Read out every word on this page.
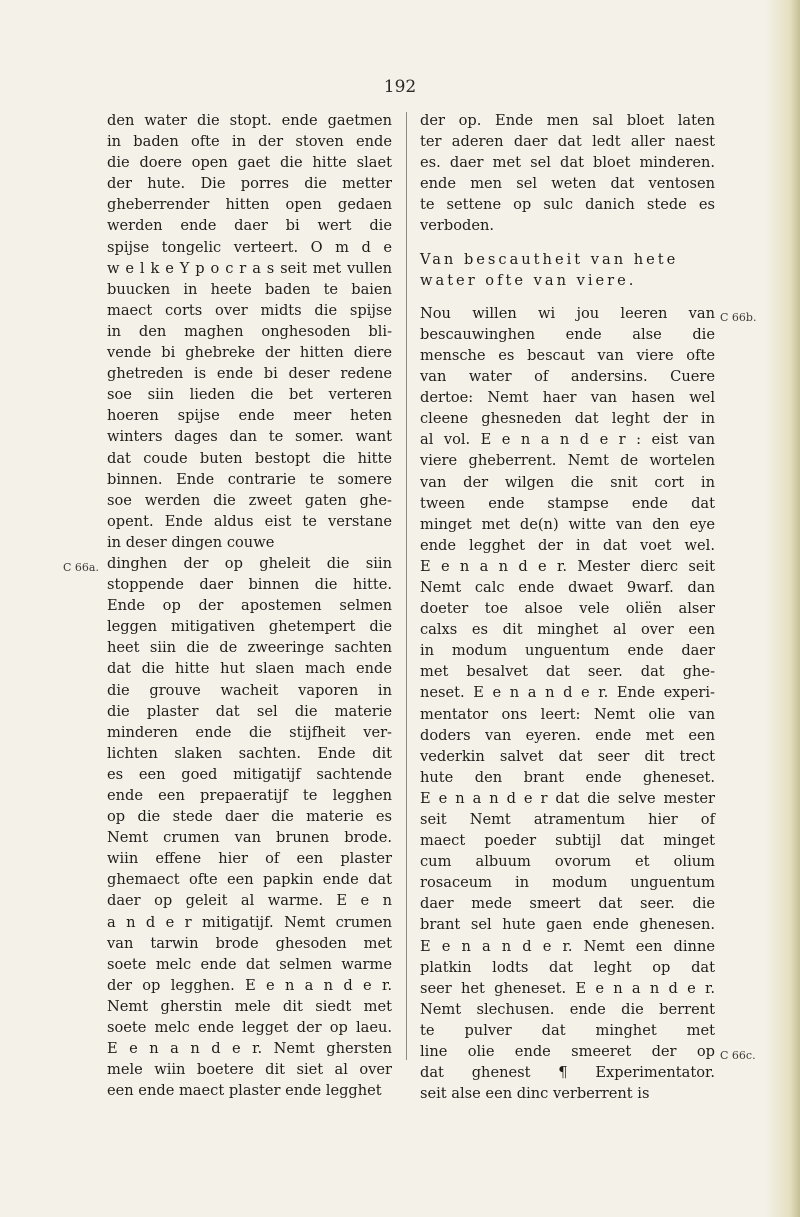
192
den water die stopt. ende gaetmen
in baden ofte in der stoven ende
die doere open gaet die hitte slaet
der hute. Die porres die metter
gheberrender hitten open gedaen
werden ende daer bi wert die
spijse tongelic verteert. O m d e
w e l k e Y p o c r a s seit met vullen
buucken in heete baden te baien
maect corts over midts die spijse
in den maghen onghesoden bli-
vende bi ghebreke der hitten diere
ghetreden is ende bi deser redene
soe siin lieden die bet verteren
hoeren spijse ende meer heten
winters dages dan te somer. want
dat coude buten bestopt die hitte
binnen. Ende contrarie te somere
soe werden die zweet gaten ghe-
opent. Ende aldus eist te verstane
in deser dingen couwe
dinghen der op gheleit die siin
C 66a.
stoppende daer binnen die hitte.
Ende op der apostemen selmen
leggen mitigativen ghetempert die
heet siin die de zweeringe sachten
dat die hitte hut slaen mach ende
die grouve wacheit vaporen in
die plaster dat sel die materie
minderen ende die stijfheit ver-
lichten slaken sachten. Ende dit
es een goed mitigatijf sachtende
ende een prepaeratijf te legghen
op die stede daer die materie es
Nemt crumen van brunen brode.
wiin effene hier of een plaster
ghemaect ofte een papkin ende dat
daer op geleit al warme. E e n
a n d e r mitigatijf. Nemt crumen
van tarwin brode ghesoden met
soete melc ende dat selmen warme
der op legghen. E e n a n d e r.
Nemt gherstin mele dit siedt met
soete melc ende legget der op laeu.
E e n a n d e r. Nemt ghersten
mele wiin boetere dit siet al over
een ende maect plaster ende legghet
der op. Ende men sal bloet laten
ter aderen daer dat ledt aller naest
es. daer met sel dat bloet minderen.
ende men sel weten dat ventosen
te settene op sulc danich stede es
verboden.
Van bescautheit van hete
water ofte van viere.
Nou willen wi jou leeren van C 66b.
bescauwinghen ende alse die
mensche es bescaut van viere ofte
van water of andersins. Cuere
dertoe: Nemt haer van hasen wel
cleene ghesneden dat leght der in
al vol. E e n a n d e r : eist van
viere gheberrent. Nemt de wortelen
van der wilgen die snit cort in
tween ende stampse ende dat
minget met de(n) witte van den eye
ende legghet der in dat voet wel.
E e n a n d e r. Mester dierc seit
Nemt calc ende dwaet 9warf. dan
doeter toe alsoe vele oliën alser
calxs es dit minghet al over een
in modum unguentum ende daer
met besalvet dat seer. dat ghe-
neset. E e n a n d e r. Ende experi-
mentator ons leert: Nemt olie van
doders van eyeren. ende met een
vederkin salvet dat seer dit trect
hute den brant ende gheneset.
E e n a n d e r dat die selve mester
seit Nemt atramentum hier of
maect poeder subtijl dat minget
cum albuum ovorum et olium
rosaceum in modum unguentum
daer mede smeert dat seer. die
brant sel hute gaen ende ghenesen.
E e n a n d e r. Nemt een dinne
platkin lodts dat leght op dat
seer het gheneset. E e n a n d e r.
Nemt slechusen. ende die berrent
te pulver dat minghet met
line olie ende smeeret der op C 66c.
dat ghenest ¶ Experimentator.
seit alse een dinc verberrent is
